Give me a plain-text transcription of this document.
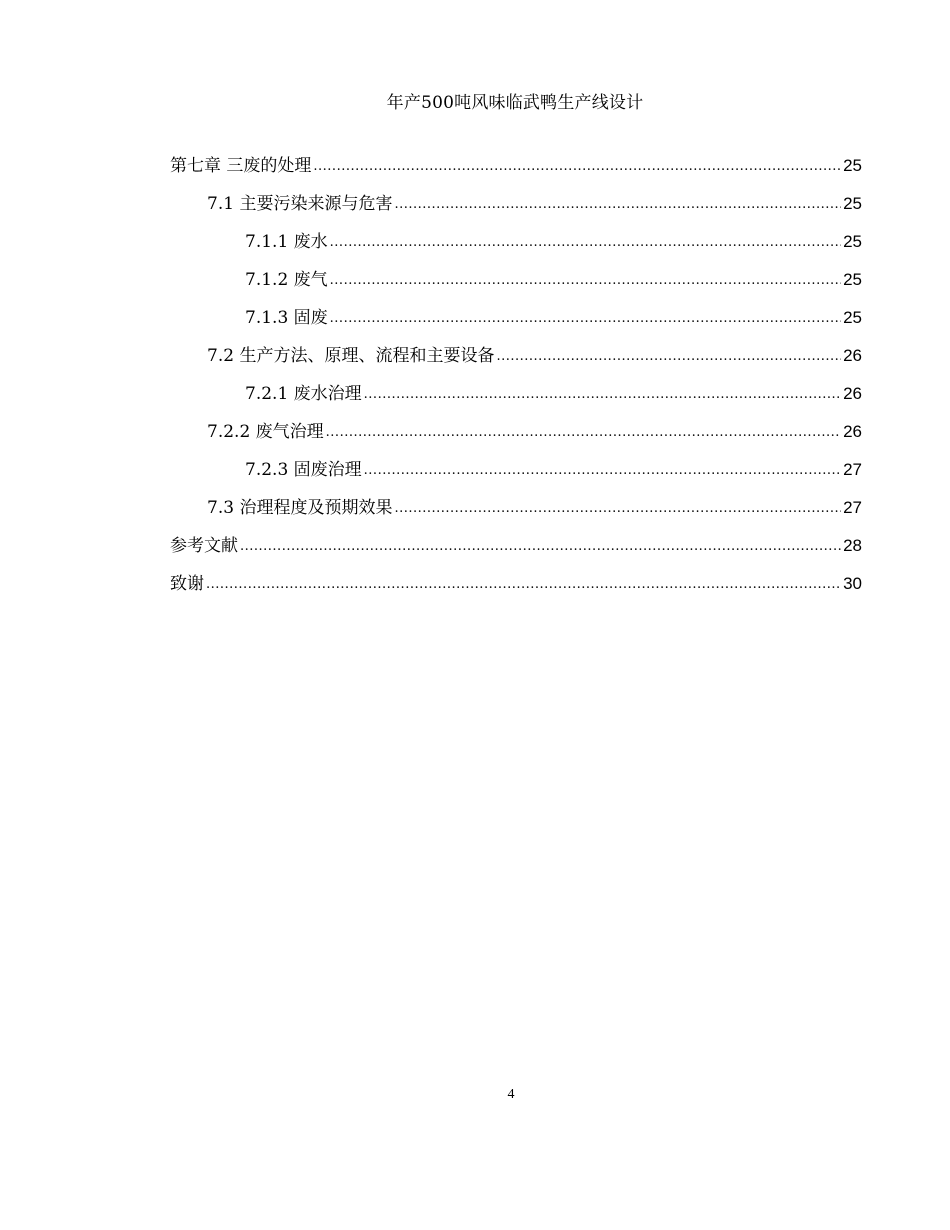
年产500吨风味临武鸭生产线设计
第七章 三废的处理 .....	25
7.1 主要污染来源与危害 .....	25
7.1.1 废水 .....	25
7.1.2 废气 .....	25
7.1.3 固废 .....	25
7.2 生产方法、原理、流程和主要设备 .....	26
7.2.1 废水治理 .....	26
7.2.2 废气治理 .....	26
7.2.3 固废治理 .....	27
7.3 治理程度及预期效果 .....	27
参考文献 .....	28
致谢 .....	30
4
